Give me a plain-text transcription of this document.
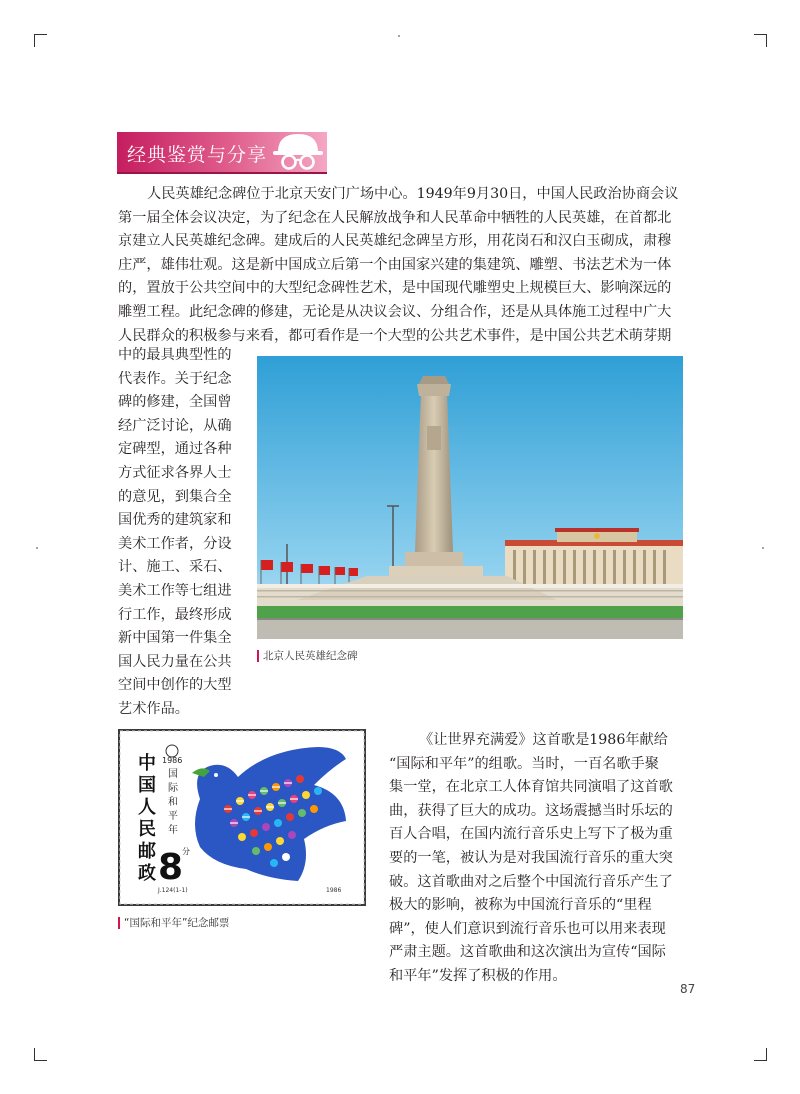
经典鉴赏与分享

人民英雄纪念碑位于北京天安门广场中心。1949年9月30日，中国人民政治协商会议
第一届全体会议决定，为了纪念在人民解放战争和人民革命中牺牲的人民英雄，在首都北
京建立人民英雄纪念碑。建成后的人民英雄纪念碑呈方形，用花岗石和汉白玉砌成，肃穆
庄严，雄伟壮观。这是新中国成立后第一个由国家兴建的集建筑、雕塑、书法艺术为一体
的，置放于公共空间中的大型纪念碑性艺术，是中国现代雕塑史上规模巨大、影响深远的
雕塑工程。此纪念碑的修建，无论是从决议会议、分组合作，还是从具体施工过程中广大
人民群众的积极参与来看，都可看作是一个大型的公共艺术事件，是中国公共艺术萌芽期

中的最具典型性的
代表作。关于纪念
碑的修建，全国曾
经广泛讨论，从确
定碑型，通过各种
方式征求各界人士
的意见，到集合全
国优秀的建筑家和
美术工作者，分设
计、施工、采石、
美术工作等七组进
行工作，最终形成
新中国第一件集全
国人民力量在公共
空间中创作的大型
艺术作品。

北京人民英雄纪念碑
中
国
人
民
邮
政
1986
国
际
和
平
年
8
分
J.124(1-1)	1986
“国际和平年”纪念邮票

《让世界充满爱》这首歌是1986年献给
“国际和平年”的组歌。当时，一百名歌手聚
集一堂，在北京工人体育馆共同演唱了这首歌
曲，获得了巨大的成功。这场震撼当时乐坛的
百人合唱，在国内流行音乐史上写下了极为重
要的一笔，被认为是对我国流行音乐的重大突
破。这首歌曲对之后整个中国流行音乐产生了
极大的影响，被称为中国流行音乐的“里程
碑”，使人们意识到流行音乐也可以用来表现
严肃主题。这首歌曲和这次演出为宣传“国际
和平年”发挥了积极的作用。

87
